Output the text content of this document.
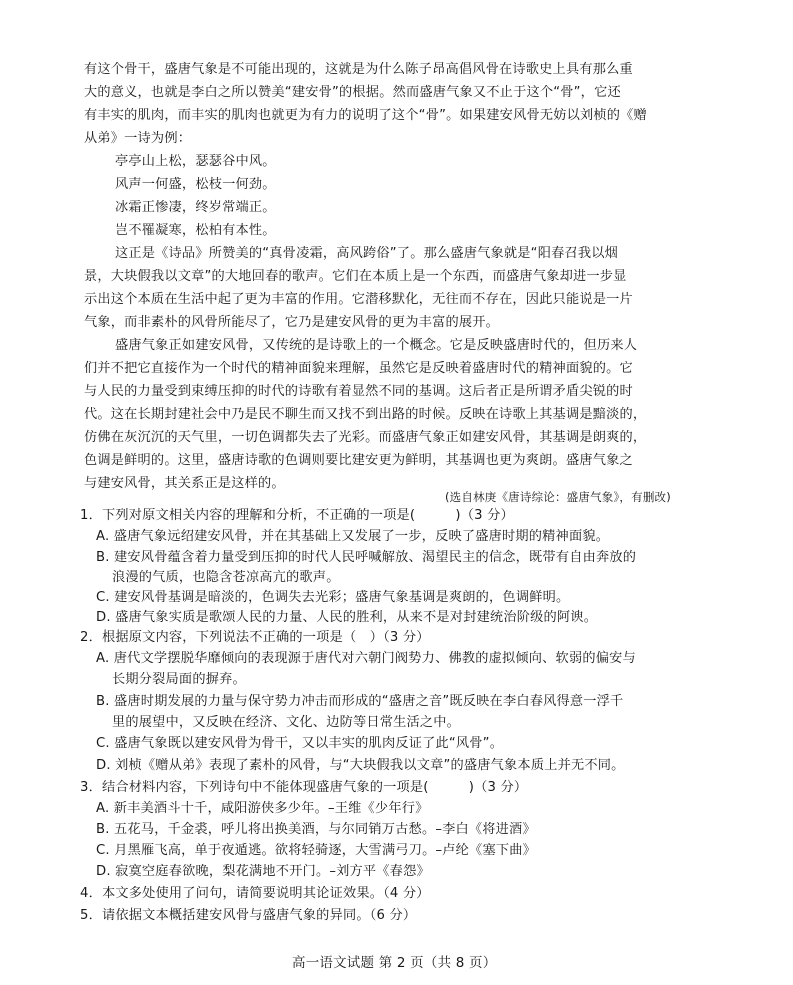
有这个骨干，盛唐气象是不可能出现的，这就是为什么陈子昂高倡风骨在诗歌史上具有那么重
大的意义，也就是李白之所以赞美“建安骨”的根据。然而盛唐气象又不止于这个“骨”，它还
有丰实的肌肉，而丰实的肌肉也就更为有力的说明了这个“骨”。如果建安风骨无妨以刘桢的《赠
从弟》一诗为例：
亭亭山上松，瑟瑟谷中风。
风声一何盛，松枝一何劲。
冰霜正惨凄，终岁常端正。
岂不罹凝寒，松柏有本性。
这正是《诗品》所赞美的“真骨凌霜，高风跨俗”了。那么盛唐气象就是“阳春召我以烟
景，大块假我以文章”的大地回春的歌声。它们在本质上是一个东西，而盛唐气象却进一步显
示出这个本质在生活中起了更为丰富的作用。它潜移默化，无往而不存在，因此只能说是一片
气象，而非素朴的风骨所能尽了，它乃是建安风骨的更为丰富的展开。
盛唐气象正如建安风骨，又传统的是诗歌上的一个概念。它是反映盛唐时代的，但历来人
们并不把它直接作为一个时代的精神面貌来理解，虽然它是反映着盛唐时代的精神面貌的。它
与人民的力量受到束缚压抑的时代的诗歌有着显然不同的基调。这后者正是所谓矛盾尖锐的时
代。这在长期封建社会中乃是民不聊生而又找不到出路的时候。反映在诗歌上其基调是黯淡的，
仿佛在灰沉沉的天气里，一切色调都失去了光彩。而盛唐气象正如建安风骨，其基调是朗爽的，
色调是鲜明的。这里，盛唐诗歌的色调则要比建安更为鲜明，其基调也更为爽朗。盛唐气象之
与建安风骨，其关系正是这样的。
(选自林庚《唐诗综论：盛唐气象》，有删改)
1．下列对原文相关内容的理解和分析，不正确的一项是(　　　)（3 分）
A. 盛唐气象远绍建安风骨，并在其基础上又发展了一步，反映了盛唐时期的精神面貌。
B. 建安风骨蕴含着力量受到压抑的时代人民呼喊解放、渴望民主的信念，既带有自由奔放的
浪漫的气质，也隐含苍凉高亢的歌声。
C. 建安风骨基调是暗淡的，色调失去光彩；盛唐气象基调是爽朗的，色调鲜明。
D. 盛唐气象实质是歌颂人民的力量、人民的胜利，从来不是对封建统治阶级的阿谀。
2．根据原文内容，下列说法不正确的一项是（　）（3 分）
A. 唐代文学摆脱华靡倾向的表现源于唐代对六朝门阀势力、佛教的虚拟倾向、软弱的偏安与
长期分裂局面的摒弃。
B. 盛唐时期发展的力量与保守势力冲击而形成的“盛唐之音”既反映在李白春风得意一浮千
里的展望中，又反映在经济、文化、边防等日常生活之中。
C. 盛唐气象既以建安风骨为骨干，又以丰实的肌肉反证了此“风骨”。
D. 刘桢《赠从弟》表现了素朴的风骨，与“大块假我以文章”的盛唐气象本质上并无不同。
3．结合材料内容，下列诗句中不能体现盛唐气象的一项是(　　　)（3 分）
A. 新丰美酒斗十千，咸阳游侠多少年。–王维《少年行》
B. 五花马，千金裘，呼儿将出换美酒，与尔同销万古愁。–李白《将进酒》
C. 月黑雁飞高，单于夜遁逃。欲将轻骑逐，大雪满弓刀。–卢纶《塞下曲》
D. 寂寞空庭春欲晚，梨花满地不开门。–刘方平《春怨》
4．本文多处使用了问句，请简要说明其论证效果。（4 分）
5．请依据文本概括建安风骨与盛唐气象的异同。（6 分）
高一语文试题 第 2 页（共 8 页）
